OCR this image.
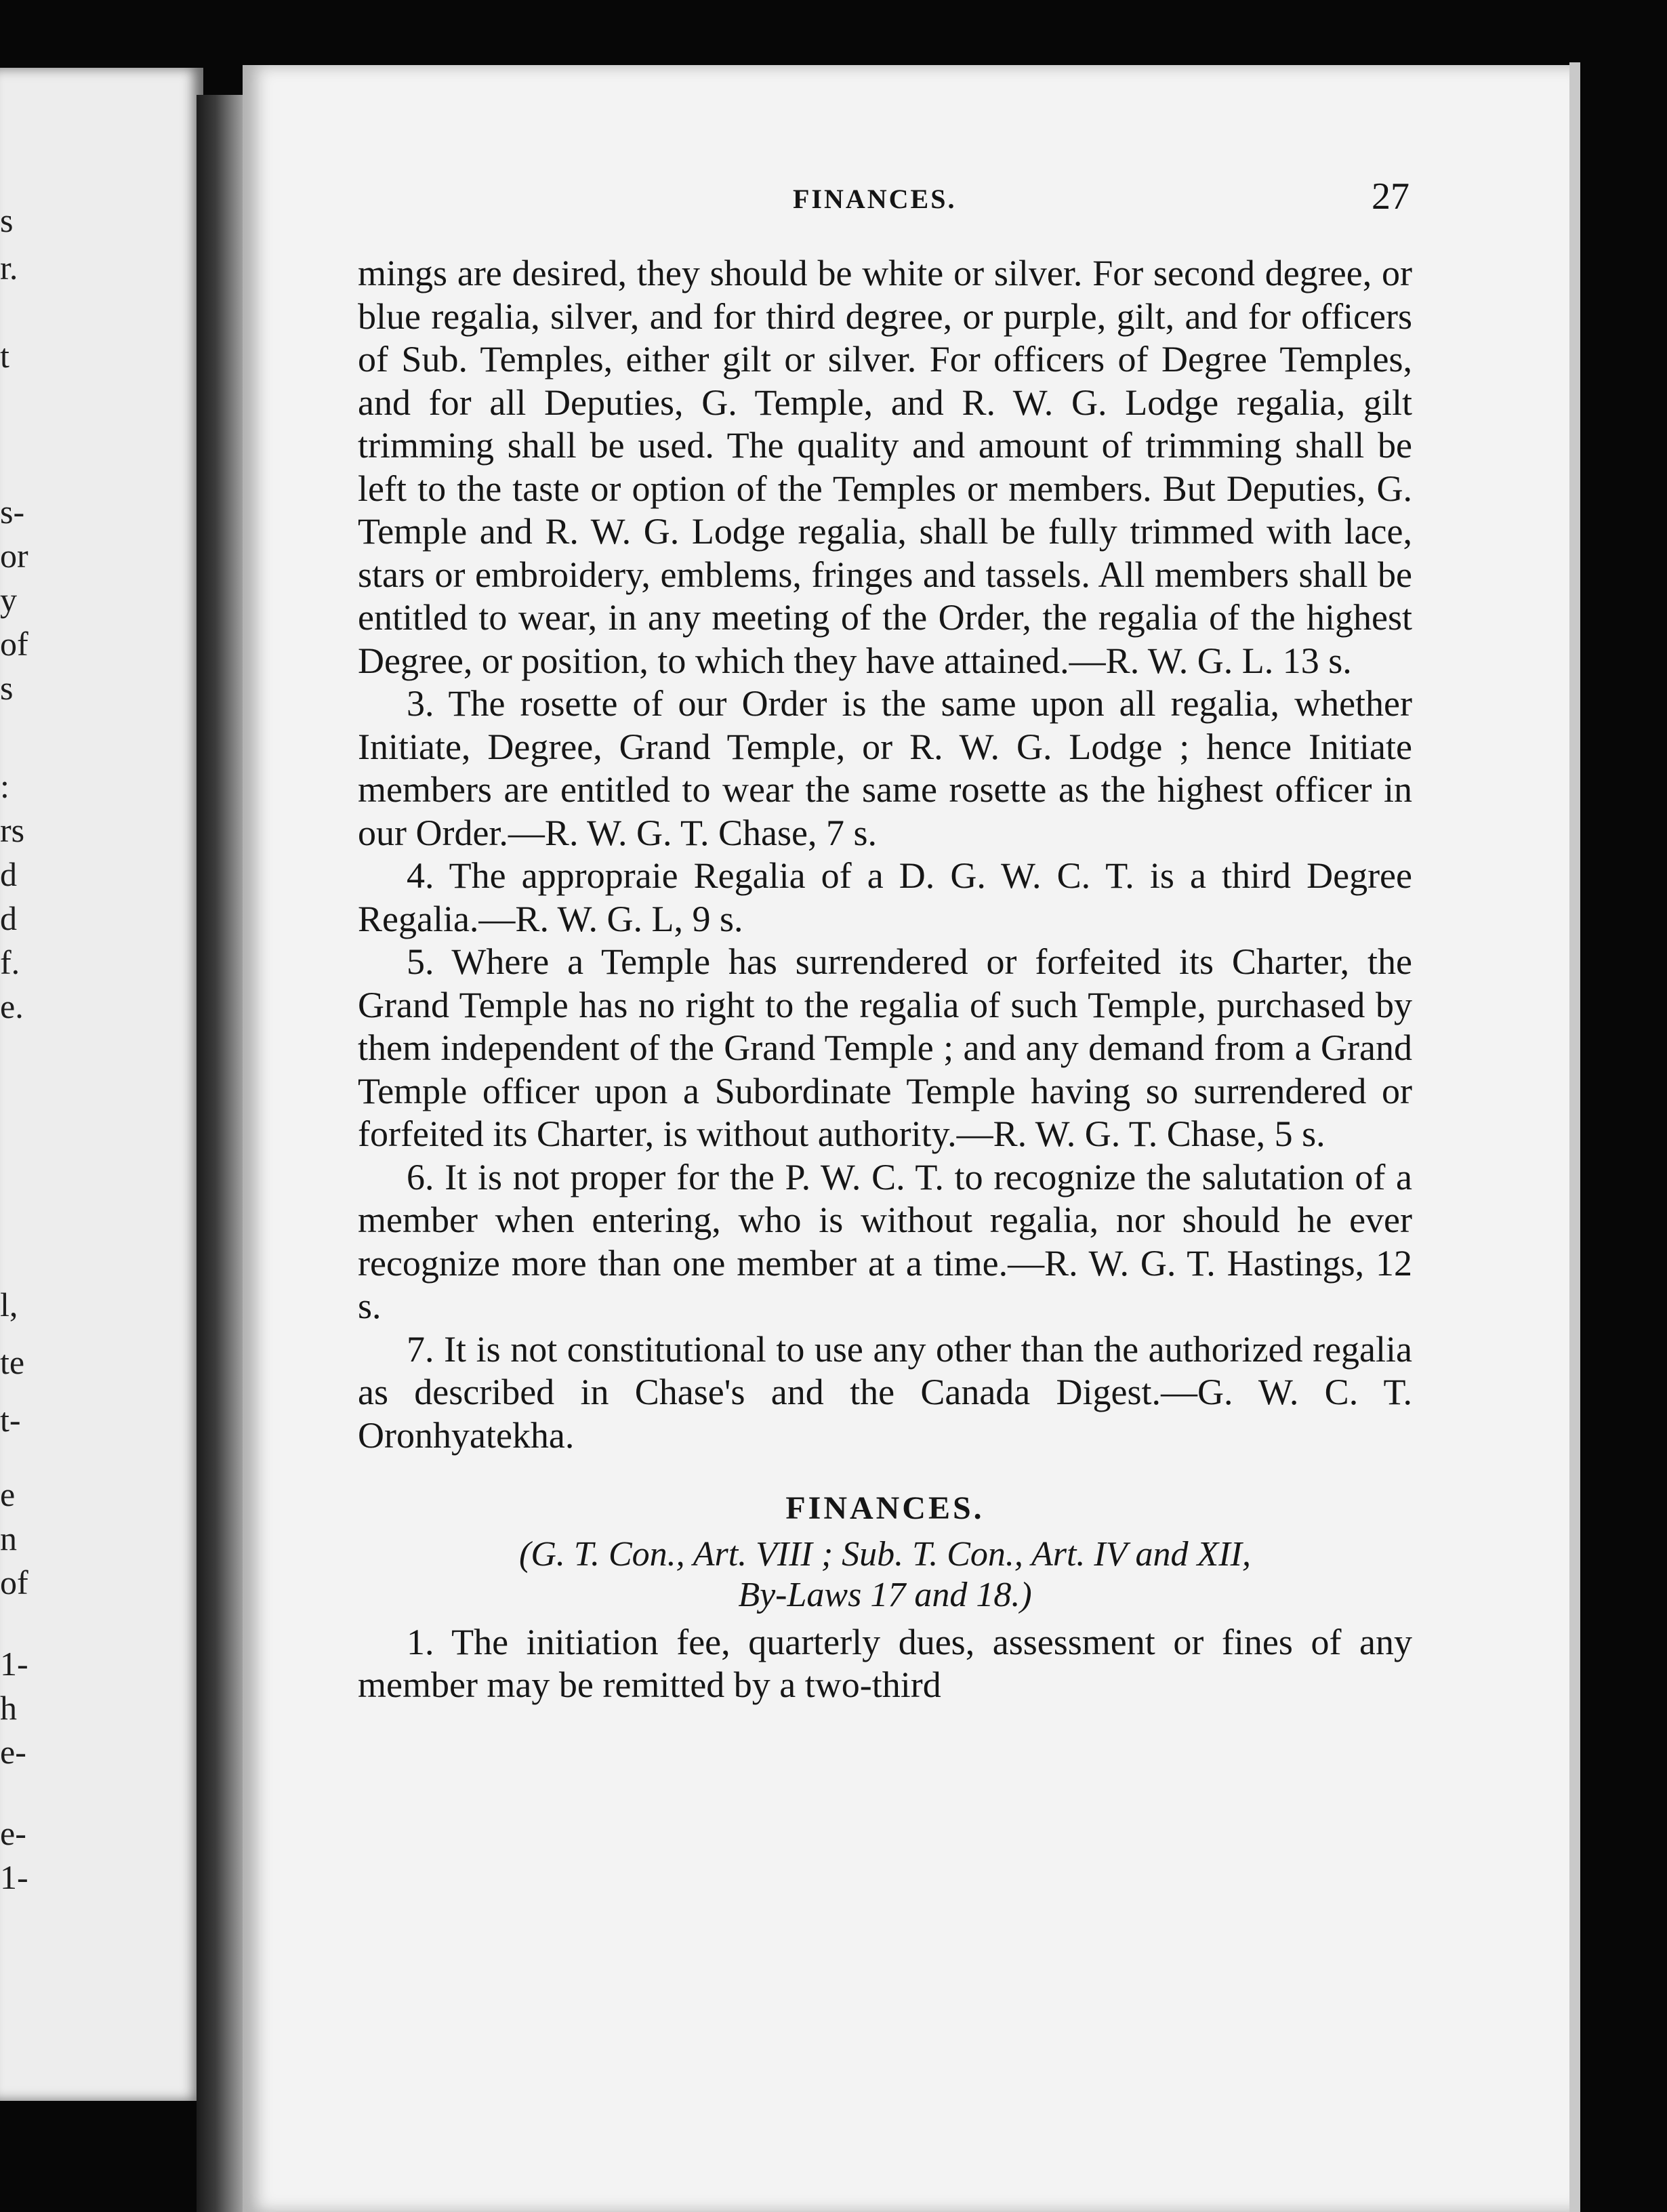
s
r.
t
s-
or
y
of
s
:
rs
d
d
f.
e.
l,
te
t-
e
n
of
1-
h
e-
e-
1-
FINANCES.	27

mings are desired, they should be white or silver. For second degree, or blue regalia, silver, and for third degree, or purple, gilt, and for officers of Sub. Temples, either gilt or silver. For officers of Degree Temples, and for all Deputies, G. Temple, and R. W. G. Lodge regalia, gilt trimming shall be used. The quality and amount of trimming shall be left to the taste or option of the Temples or members. But Deputies, G. Temple and R. W. G. Lodge regalia, shall be fully trimmed with lace, stars or embroidery, emblems, fringes and tassels. All members shall be entitled to wear, in any meeting of the Order, the regalia of the highest Degree, or position, to which they have attained.—R. W. G. L. 13 s.

3. The rosette of our Order is the same upon all regalia, whether Initiate, Degree, Grand Temple, or R. W. G. Lodge ; hence Initiate members are entitled to wear the same rosette as the highest officer in our Order.—R. W. G. T. Chase, 7 s.

4. The appropraie Regalia of a D. G. W. C. T. is a third Degree Regalia.—R. W. G. L, 9 s.

5. Where a Temple has surrendered or forfeited its Charter, the Grand Temple has no right to the regalia of such Temple, purchased by them independent of the Grand Temple ; and any demand from a Grand Temple officer upon a Subordinate Temple having so surrendered or forfeited its Charter, is without authority.—R. W. G. T. Chase, 5 s.

6. It is not proper for the P. W. C. T. to recognize the salutation of a member when entering, who is without regalia, nor should he ever recognize more than one member at a time.—R. W. G. T. Hastings, 12 s.

7. It is not constitutional to use any other than the authorized regalia as described in Chase's and the Canada Digest.—G. W. C. T. Oronhyatekha.

FINANCES.

(G. T. Con., Art. VIII ; Sub. T. Con., Art. IV and XII,
By-Laws 17 and 18.)

1. The initiation fee, quarterly dues, assessment or fines of any member may be remitted by a two-third
